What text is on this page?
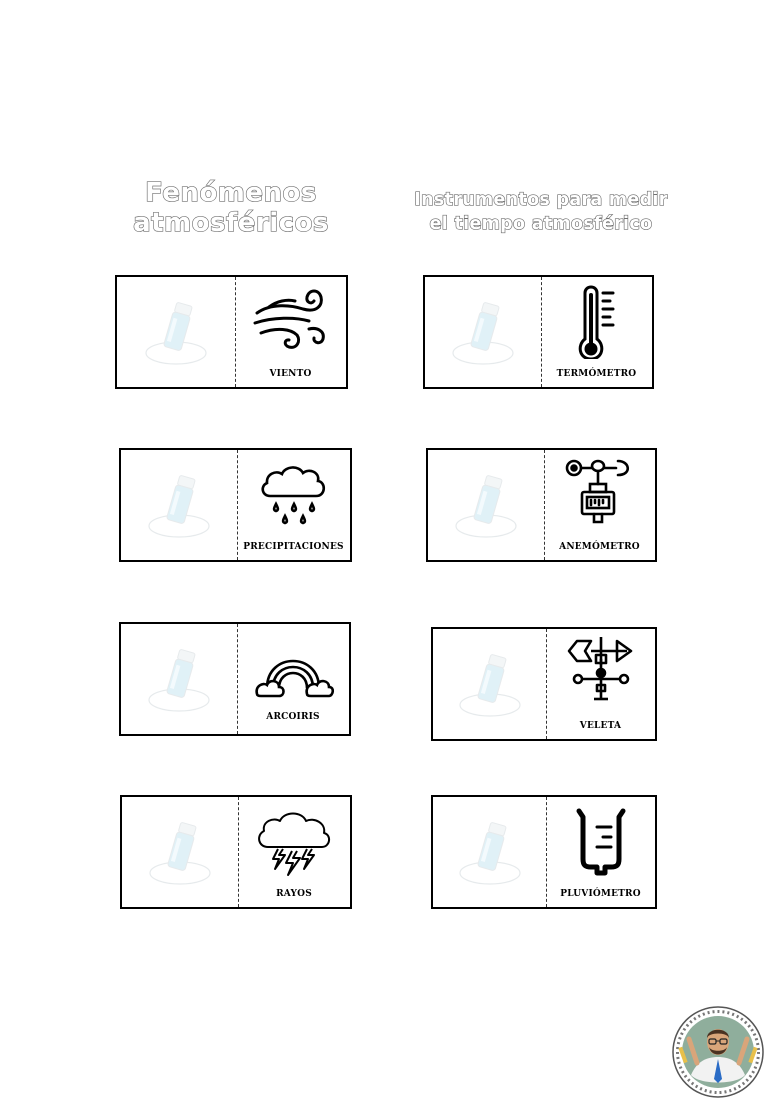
Fenómenos
atmosféricos
Instrumentos para medir
el tiempo atmosférico
VIENTO
PRECIPITACIONES
ARCOIRIS
RAYOS
TERMÓMETRO
ANEMÓMETRO
VELETA
PLUVIÓMETRO
